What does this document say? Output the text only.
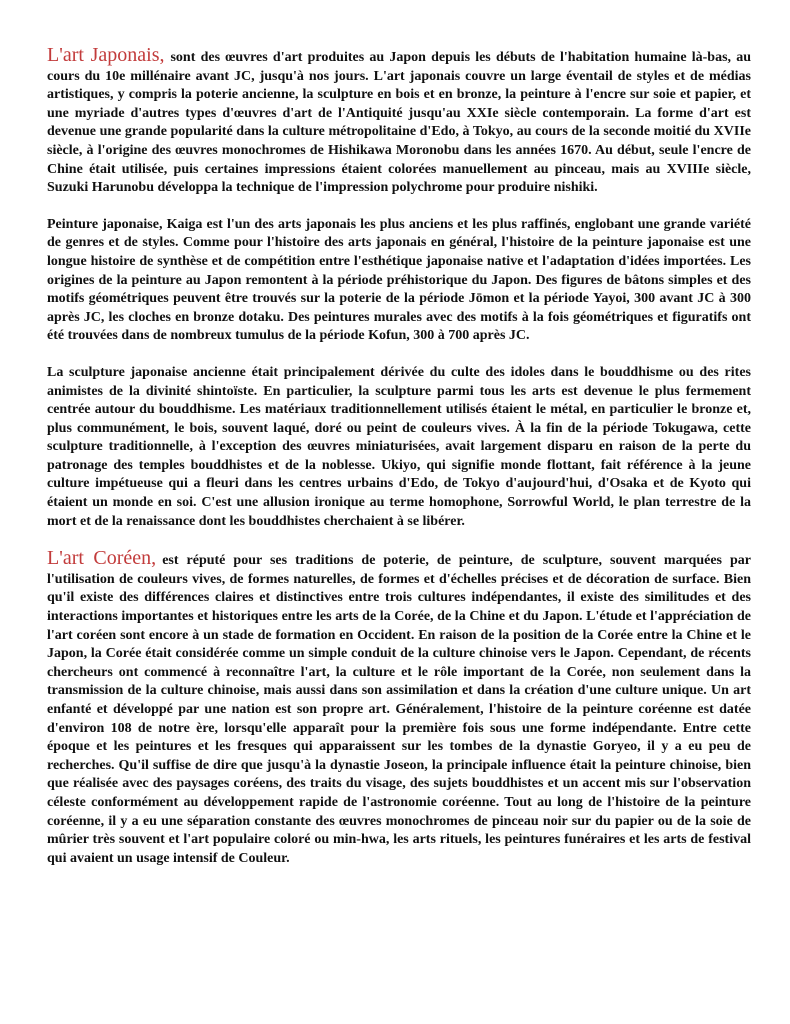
L'art Japonais, sont des œuvres d'art produites au Japon depuis les débuts de l'habitation humaine là-bas, au cours du 10e millénaire avant JC, jusqu'à nos jours. L'art japonais couvre un large éventail de styles et de médias artistiques, y compris la poterie ancienne, la sculpture en bois et en bronze, la peinture à l'encre sur soie et papier, et une myriade d'autres types d'œuvres d'art de l'Antiquité jusqu'au XXIe siècle contemporain. La forme d'art est devenue une grande popularité dans la culture métropolitaine d'Edo, à Tokyo, au cours de la seconde moitié du XVIIe siècle, à l'origine des œuvres monochromes de Hishikawa Moronobu dans les années 1670. Au début, seule l'encre de Chine était utilisée, puis certaines impressions étaient colorées manuellement au pinceau, mais au XVIIIe siècle, Suzuki Harunobu développa la technique de l'impression polychrome pour produire nishiki.

Peinture japonaise, Kaiga est l'un des arts japonais les plus anciens et les plus raffinés, englobant une grande variété de genres et de styles. Comme pour l'histoire des arts japonais en général, l'histoire de la peinture japonaise est une longue histoire de synthèse et de compétition entre l'esthétique japonaise native et l'adaptation d'idées importées. Les origines de la peinture au Japon remontent à la période préhistorique du Japon. Des figures de bâtons simples et des motifs géométriques peuvent être trouvés sur la poterie de la période Jōmon et la période Yayoi, 300 avant JC à 300 après JC, les cloches en bronze dotaku. Des peintures murales avec des motifs à la fois géométriques et figuratifs ont été trouvées dans de nombreux tumulus de la période Kofun, 300 à 700 après JC.

La sculpture japonaise ancienne était principalement dérivée du culte des idoles dans le bouddhisme ou des rites animistes de la divinité shintoïste. En particulier, la sculpture parmi tous les arts est devenue le plus fermement centrée autour du bouddhisme. Les matériaux traditionnellement utilisés étaient le métal, en particulier le bronze et, plus communément, le bois, souvent laqué, doré ou peint de couleurs vives. À la fin de la période Tokugawa, cette sculpture traditionnelle, à l'exception des œuvres miniaturisées, avait largement disparu en raison de la perte du patronage des temples bouddhistes et de la noblesse. Ukiyo, qui signifie monde flottant, fait référence à la jeune culture impétueuse qui a fleuri dans les centres urbains d'Edo, de Tokyo d'aujourd'hui, d'Osaka et de Kyoto qui étaient un monde en soi. C'est une allusion ironique au terme homophone, Sorrowful World, le plan terrestre de la mort et de la renaissance dont les bouddhistes cherchaient à se libérer.

L'art Coréen, est réputé pour ses traditions de poterie, de peinture, de sculpture, souvent marquées par l'utilisation de couleurs vives, de formes naturelles, de formes et d'échelles précises et de décoration de surface. Bien qu'il existe des différences claires et distinctives entre trois cultures indépendantes, il existe des similitudes et des interactions importantes et historiques entre les arts de la Corée, de la Chine et du Japon. L'étude et l'appréciation de l'art coréen sont encore à un stade de formation en Occident. En raison de la position de la Corée entre la Chine et le Japon, la Corée était considérée comme un simple conduit de la culture chinoise vers le Japon. Cependant, de récents chercheurs ont commencé à reconnaître l'art, la culture et le rôle important de la Corée, non seulement dans la transmission de la culture chinoise, mais aussi dans son assimilation et dans la création d'une culture unique. Un art enfanté et développé par une nation est son propre art. Généralement, l'histoire de la peinture coréenne est datée d'environ 108 de notre ère, lorsqu'elle apparaît pour la première fois sous une forme indépendante. Entre cette époque et les peintures et les fresques qui apparaissent sur les tombes de la dynastie Goryeo, il y a eu peu de recherches. Qu'il suffise de dire que jusqu'à la dynastie Joseon, la principale influence était la peinture chinoise, bien que réalisée avec des paysages coréens, des traits du visage, des sujets bouddhistes et un accent mis sur l'observation céleste conformément au développement rapide de l'astronomie coréenne. Tout au long de l'histoire de la peinture coréenne, il y a eu une séparation constante des œuvres monochromes de pinceau noir sur du papier ou de la soie de mûrier très souvent et l'art populaire coloré ou min-hwa, les arts rituels, les peintures funéraires et les arts de festival qui avaient un usage intensif de Couleur.
